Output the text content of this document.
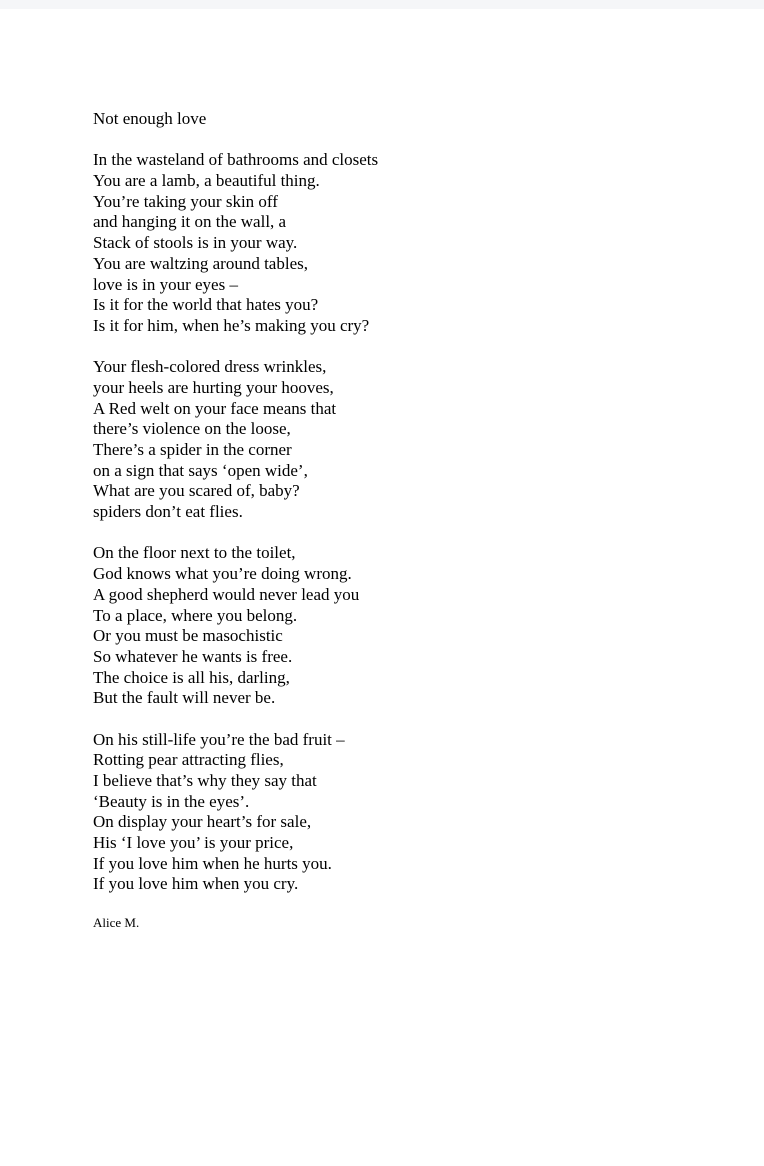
Not enough love
In the wasteland of bathrooms and closets
You are a lamb, a beautiful thing.
You’re taking your skin off
and hanging it on the wall, a
Stack of stools is in your way.
You are waltzing around tables,
love is in your eyes –
Is it for the world that hates you?
Is it for him, when he’s making you cry?
Your flesh-colored dress wrinkles,
your heels are hurting your hooves,
A Red welt on your face means that
there’s violence on the loose,
There’s a spider in the corner
on a sign that says ‘open wide’,
What are you scared of, baby?
spiders don’t eat flies.
On the floor next to the toilet,
God knows what you’re doing wrong.
A good shepherd would never lead you
To a place, where you belong.
Or you must be masochistic
So whatever he wants is free.
The choice is all his, darling,
But the fault will never be.
On his still-life you’re the bad fruit –
Rotting pear attracting flies,
I believe that’s why they say that
‘Beauty is in the eyes’.
On display your heart’s for sale,
His ‘I love you’ is your price,
If you love him when he hurts you.
If you love him when you cry.
Alice M.
